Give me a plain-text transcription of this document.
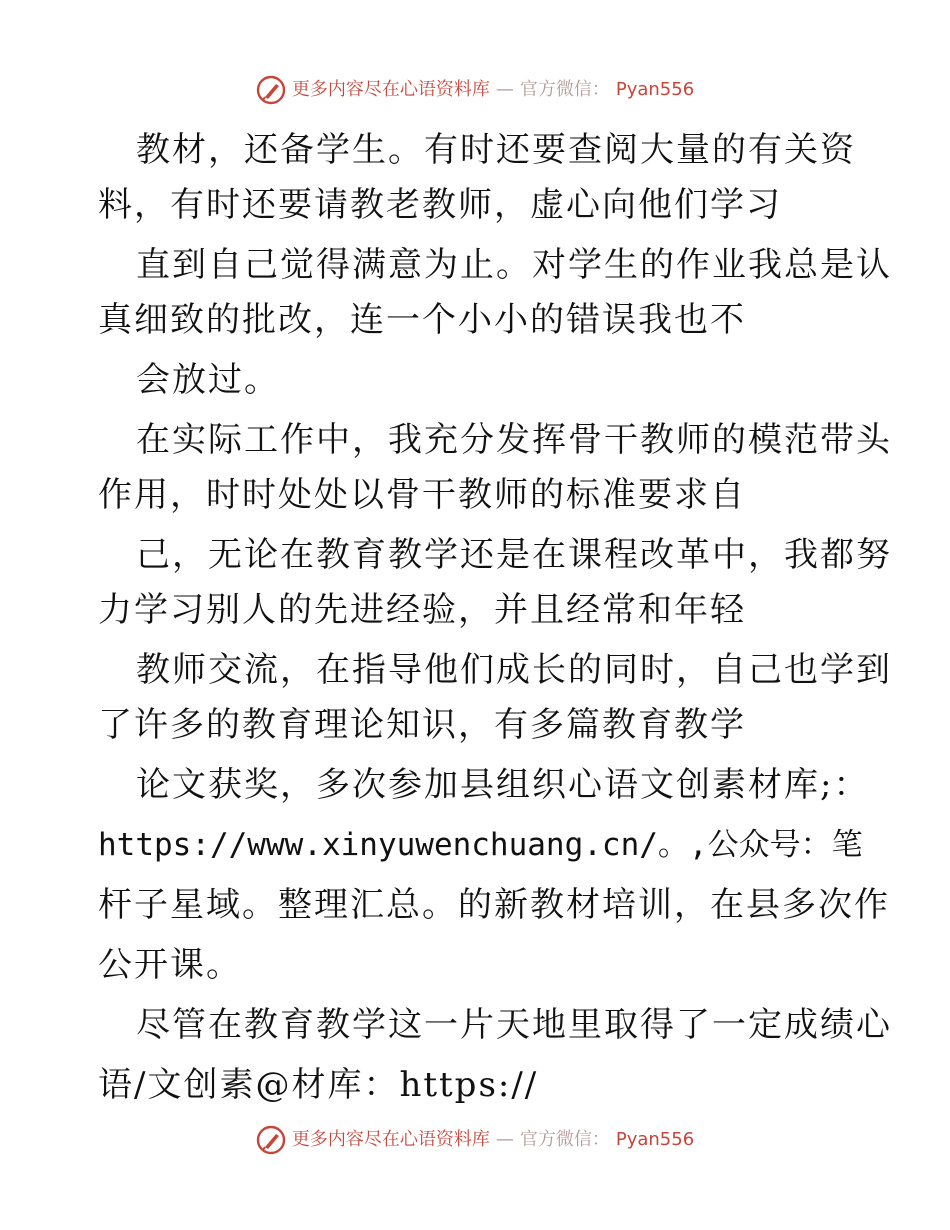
更多内容尽在心语资料库 — 官方微信： Pyan556
教材，还备学生。有时还要查阅大量的有关资
料，有时还要请教老教师，虚心向他们学习
直到自己觉得满意为止。对学生的作业我总是认
真细致的批改，连一个小小的错误我也不
会放过。
在实际工作中，我充分发挥骨干教师的模范带头
作用，时时处处以骨干教师的标准要求自
己，无论在教育教学还是在课程改革中，我都努
力学习别人的先进经验，并且经常和年轻
教师交流，在指导他们成长的同时，自己也学到
了许多的教育理论知识，有多篇教育教学
论文获奖，多次参加县组织心语文创素材库;：
https://www.xinyuwenchuang.cn/。,公众号：笔
杆子星域。整理汇总。的新教材培训，在县多次作
公开课。
尽管在教育教学这一片天地里取得了一定成绩心
语/文创素@材库：https://
更多内容尽在心语资料库 — 官方微信： Pyan556
